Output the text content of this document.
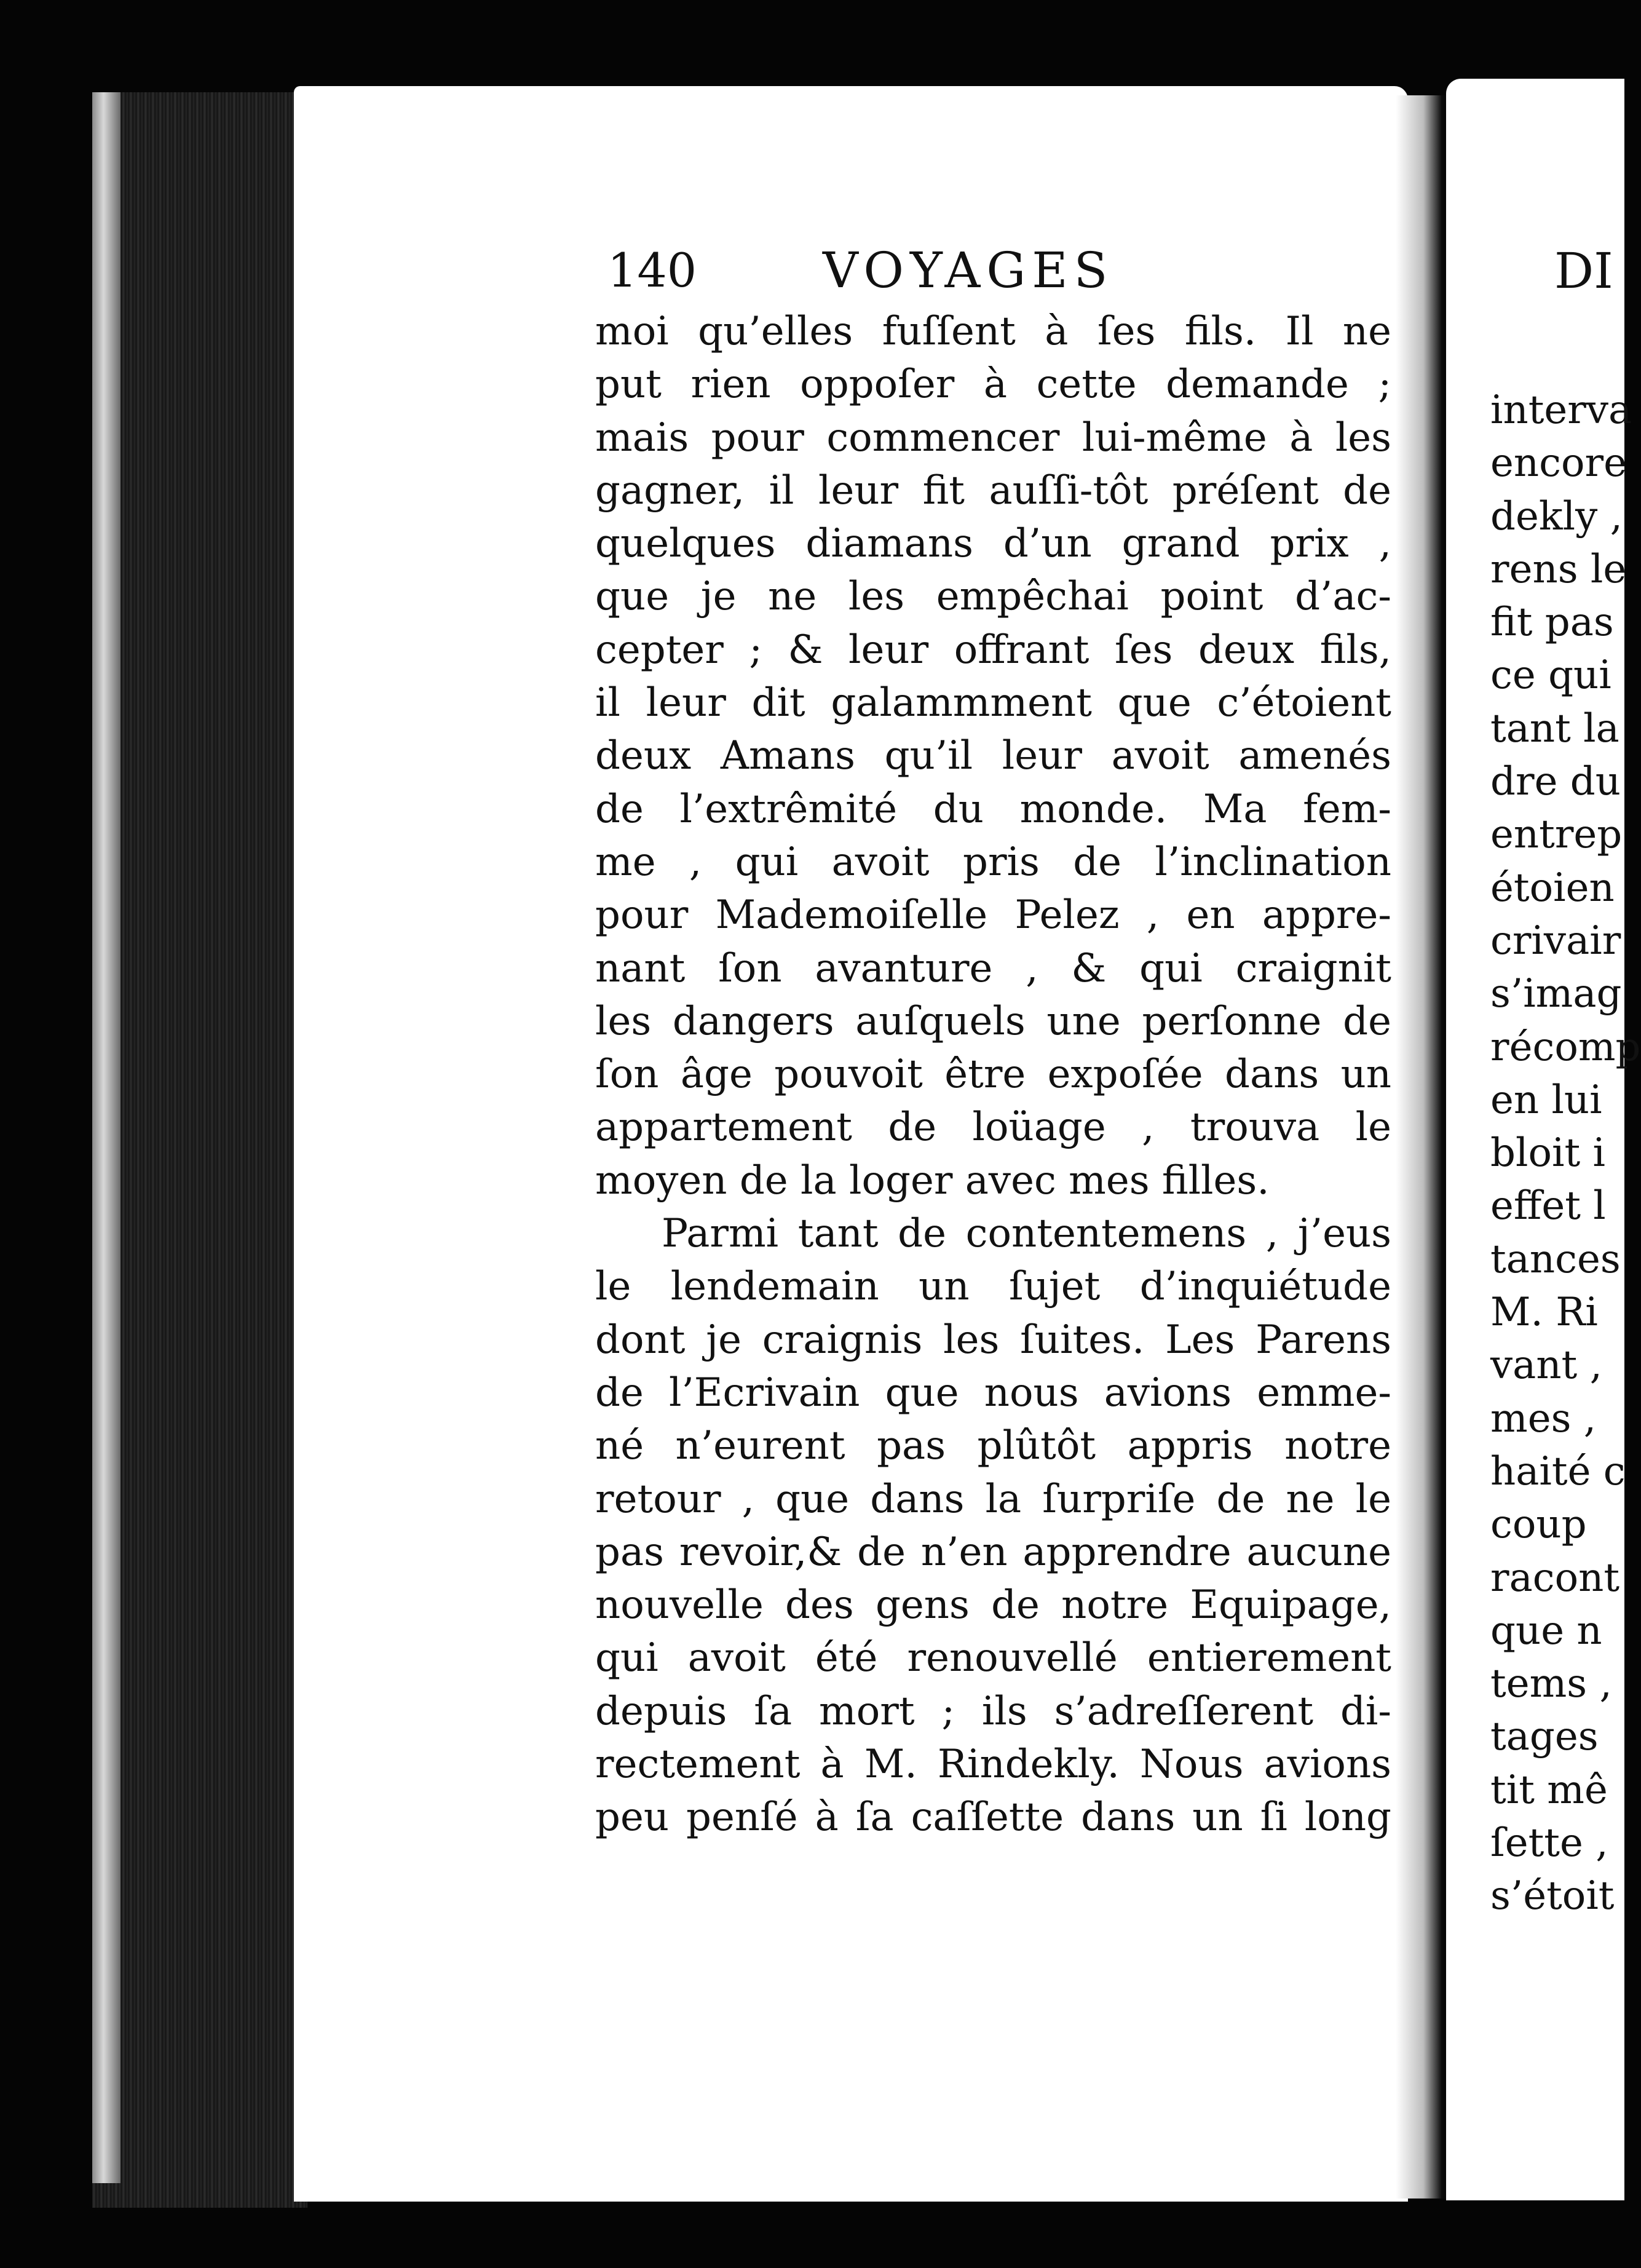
140	VOYAGES
moi qu’elles fuſſent à ſes fils. Il ne
put rien oppoſer à cette demande ;
mais pour commencer lui-même à les
gagner, il leur fit auſſi-tôt préſent de
quelques diamans d’un grand prix ,
que je ne les empêchai point d’ac-
cepter ; & leur offrant ſes deux fils,
il leur dit galammment que c’étoient
deux Amans qu’il leur avoit amenés
de l’extrêmité du monde. Ma fem-
me , qui avoit pris de l’inclination
pour Mademoiſelle Pelez , en appre-
nant ſon avanture , & qui craignit
les dangers auſquels une perſonne de
ſon âge pouvoit être expoſée dans un
appartement de loüage , trouva le
moyen de la loger avec mes filles.
Parmi tant de contentemens , j’eus
le lendemain un ſujet d’inquiétude
dont je craignis les ſuites. Les Parens
de l’Ecrivain que nous avions emme-
né n’eurent pas plûtôt appris notre
retour , que dans la ſurpriſe de ne le
pas revoir,& de n’en apprendre aucune
nouvelle des gens de notre Equipage,
qui avoit été renouvellé entierement
depuis ſa mort ; ils s’adreſſerent di-
rectement à M. Rindekly. Nous avions
peu penſé à ſa caſſette dans un ſi long
DI
interva
encore
dekly ,
rens le
fit pas
ce qui
tant la
dre du
entrep
étoien
crivair
s’imag
récomp
en lui
bloit i
effet l
tances
M. Ri
vant ,
mes ,
haité c
coup
racont
que n
tems ,
tages
tit mê
ſette ,
s’étoit
